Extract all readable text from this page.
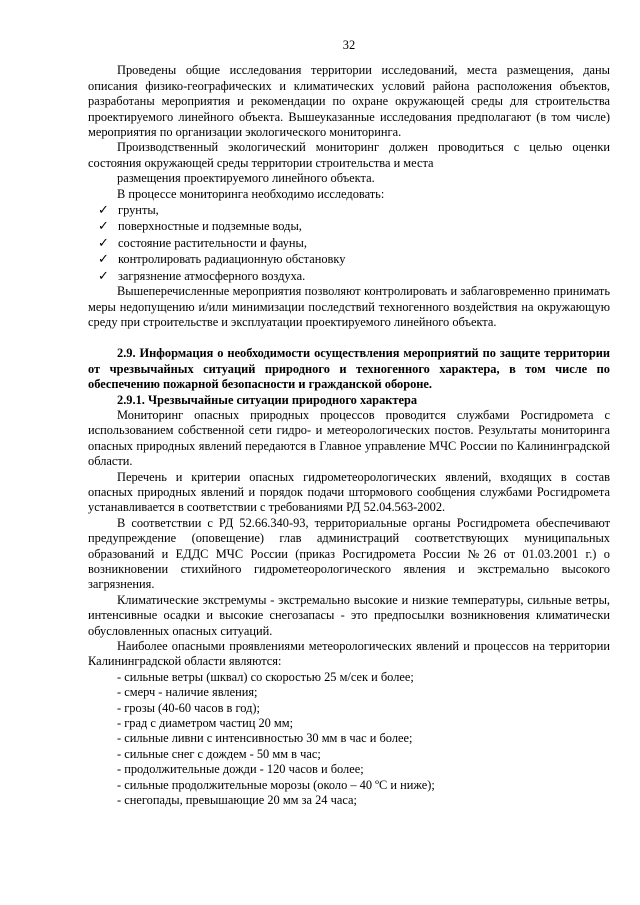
32

Проведены общие исследования территории исследований, места размещения, даны описания физико-географических и климатических условий района расположения объектов, разработаны мероприятия и рекомендации по охране окружающей среды для строительства проектируемого линейного объекта. Вышеуказанные исследования предполагают (в том числе) мероприятия по организации экологического мониторинга.

Производственный экологический мониторинг должен проводиться с целью оценки состояния окружающей среды территории строительства и места

размещения проектируемого линейного объекта.

В процессе мониторинга необходимо исследовать:

✓ грунты,
✓ поверхностные и подземные воды,
✓ состояние растительности и фауны,
✓ контролировать радиационную обстановку
✓ загрязнение атмосферного воздуха.

Вышеперечисленные мероприятия позволяют контролировать и заблаговременно принимать меры недопущению и/или минимизации последствий техногенного воздействия на окружающую среду при строительстве и эксплуатации проектируемого линейного объекта.

2.9. Информация о необходимости осуществления мероприятий по защите территории от чрезвычайных ситуаций природного и техногенного характера, в том числе по обеспечению пожарной безопасности и гражданской обороне.

2.9.1. Чрезвычайные ситуации природного характера

Мониторинг опасных природных процессов проводится службами Росгидромета с использованием собственной сети гидро- и метеорологических постов. Результаты мониторинга опасных природных явлений передаются в Главное управление МЧС России по Калининградской области.

Перечень и критерии опасных гидрометеорологических явлений, входящих в состав опасных природных явлений и порядок подачи штормового сообщения службами Росгидромета устанавливается в соответствии с требованиями РД 52.04.563-2002.

В соответствии с РД 52.66.340-93, территориальные органы Росгидромета обеспечивают предупреждение (оповещение) глав администраций соответствующих муниципальных образований и ЕДДС МЧС России (приказ Росгидромета России №26 от 01.03.2001 г.) о возникновении стихийного гидрометеорологического явления и экстремально высокого загрязнения.

Климатические экстремумы - экстремально высокие и низкие температуры, сильные ветры, интенсивные осадки и высокие снегозапасы - это предпосылки возникновения климатически обусловленных опасных ситуаций.

Наиболее опасными проявлениями метеорологических явлений и процессов на территории Калининградской области являются:

- сильные ветры (шквал) со скоростью 25 м/сек и более;
- смерч - наличие явления;
- грозы (40-60 часов в год);
- град с диаметром частиц 20 мм;
- сильные ливни с интенсивностью 30 мм в час и более;
- сильные снег с дождем - 50 мм в час;
- продолжительные дожди - 120 часов и более;
- сильные продолжительные морозы (около – 40 ºС и ниже);
- снегопады, превышающие 20 мм за 24 часа;
